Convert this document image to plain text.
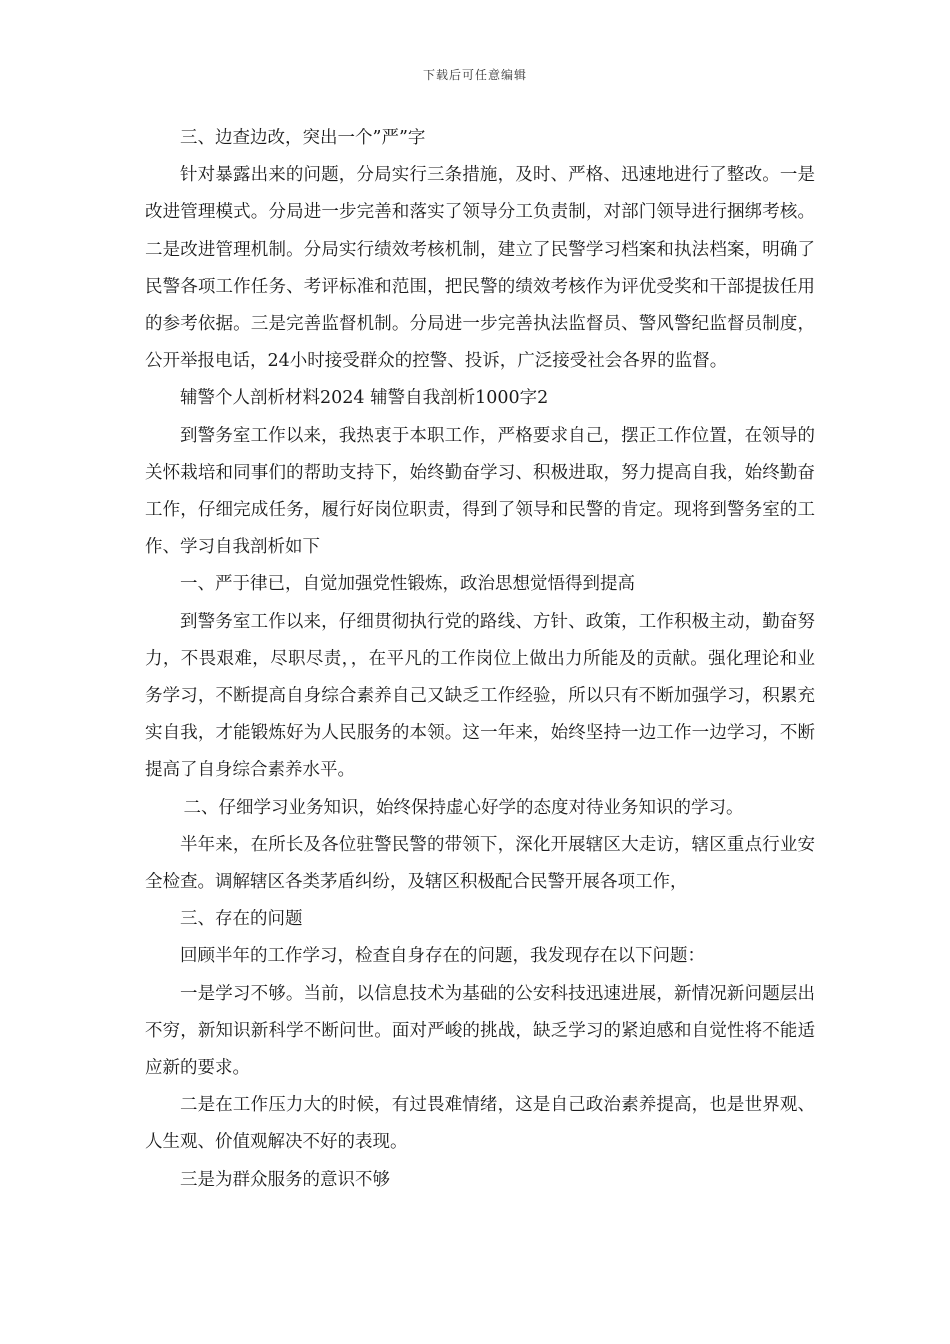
下载后可任意编辑

三、边查边改，突出一个”严”字

针对暴露出来的问题，分局实行三条措施，及时、严格、迅速地进行了整改。一是改进管理模式。分局进一步完善和落实了领导分工负责制，对部门领导进行捆绑考核。二是改进管理机制。分局实行绩效考核机制，建立了民警学习档案和执法档案，明确了民警各项工作任务、考评标准和范围，把民警的绩效考核作为评优受奖和干部提拔任用的参考依据。三是完善监督机制。分局进一步完善执法监督员、警风警纪监督员制度，公开举报电话，24小时接受群众的控警、投诉，广泛接受社会各界的监督。

辅警个人剖析材料2024 辅警自我剖析1000字2

到警务室工作以来，我热衷于本职工作，严格要求自己，摆正工作位置，在领导的关怀栽培和同事们的帮助支持下，始终勤奋学习、积极进取，努力提高自我，始终勤奋工作，仔细完成任务，履行好岗位职责，得到了领导和民警的肯定。现将到警务室的工作、学习自我剖析如下

一、严于律已，自觉加强党性锻炼，政治思想觉悟得到提高

到警务室工作以来，仔细贯彻执行党的路线、方针、政策，工作积极主动，勤奋努力，不畏艰难，尽职尽责，，在平凡的工作岗位上做出力所能及的贡献。强化理论和业务学习，不断提高自身综合素养自己又缺乏工作经验，所以只有不断加强学习，积累充实自我，才能锻炼好为人民服务的本领。这一年来，始终坚持一边工作一边学习，不断提高了自身综合素养水平。

二、仔细学习业务知识，始终保持虚心好学的态度对待业务知识的学习。

半年来，在所长及各位驻警民警的带领下，深化开展辖区大走访，辖区重点行业安全检查。调解辖区各类茅盾纠纷，及辖区积极配合民警开展各项工作，

三、存在的问题

回顾半年的工作学习，检查自身存在的问题，我发现存在以下问题：

一是学习不够。当前，以信息技术为基础的公安科技迅速进展，新情况新问题层出不穷，新知识新科学不断问世。面对严峻的挑战，缺乏学习的紧迫感和自觉性将不能适应新的要求。

二是在工作压力大的时候，有过畏难情绪，这是自己政治素养提高，也是世界观、人生观、价值观解决不好的表现。

三是为群众服务的意识不够
